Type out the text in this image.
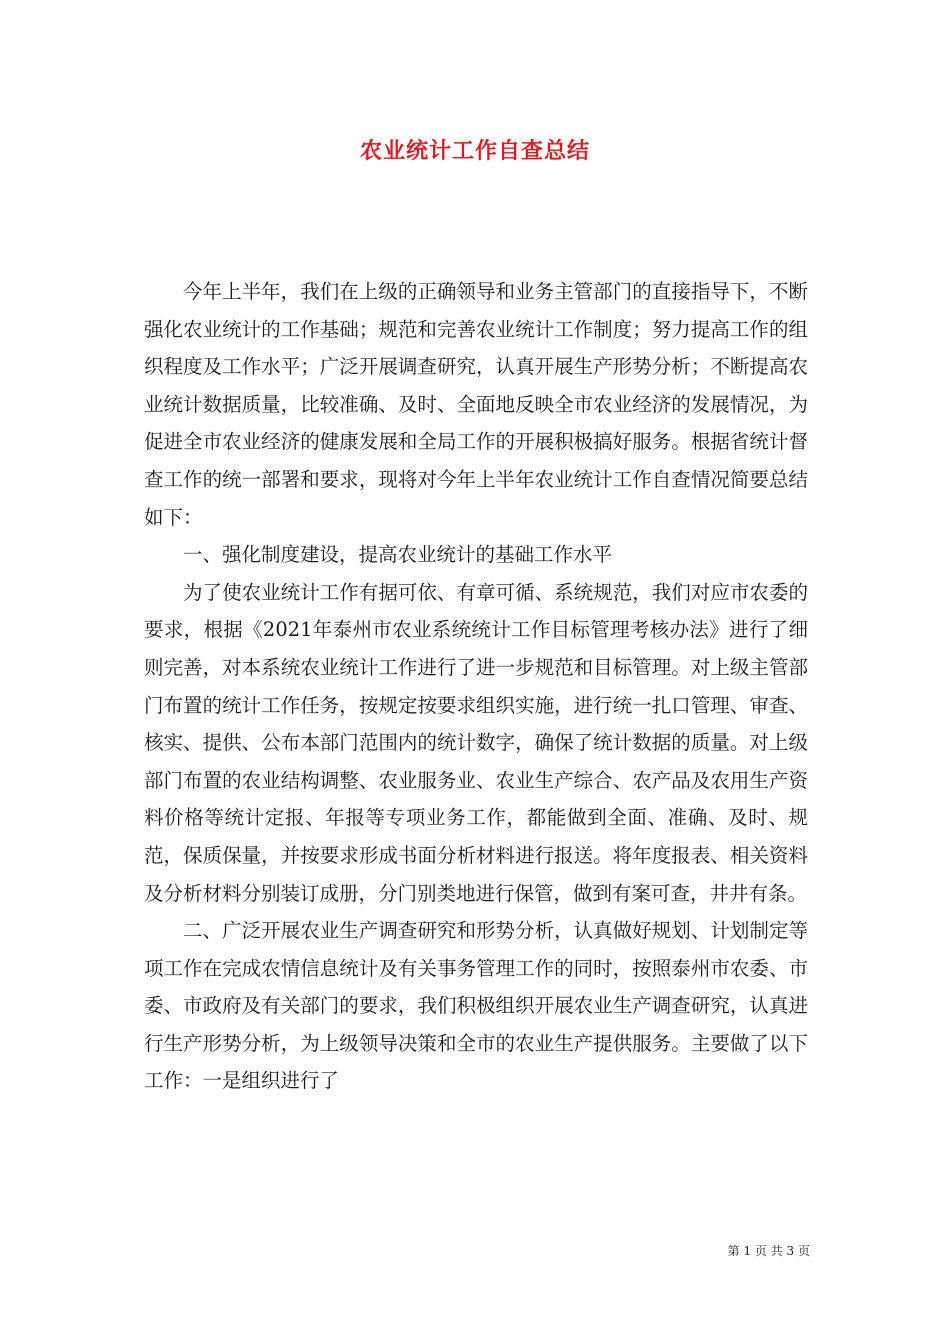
农业统计工作自查总结

今年上半年，我们在上级的正确领导和业务主管部门的直接指导下，不断强化农业统计的工作基础；规范和完善农业统计工作制度；努力提高工作的组织程度及工作水平；广泛开展调查研究，认真开展生产形势分析；不断提高农业统计数据质量，比较准确、及时、全面地反映全市农业经济的发展情况，为促进全市农业经济的健康发展和全局工作的开展积极搞好服务。根据省统计督查工作的统一部署和要求，现将对今年上半年农业统计工作自查情况简要总结如下：

一、强化制度建设，提高农业统计的基础工作水平

为了使农业统计工作有据可依、有章可循、系统规范，我们对应市农委的要求，根据《2021年泰州市农业系统统计工作目标管理考核办法》进行了细则完善，对本系统农业统计工作进行了进一步规范和目标管理。对上级主管部门布置的统计工作任务，按规定按要求组织实施，进行统一扎口管理、审查、核实、提供、公布本部门范围内的统计数字，确保了统计数据的质量。对上级部门布置的农业结构调整、农业服务业、农业生产综合、农产品及农用生产资料价格等统计定报、年报等专项业务工作，都能做到全面、准确、及时、规范，保质保量，并按要求形成书面分析材料进行报送。将年度报表、相关资料及分析材料分别装订成册，分门别类地进行保管，做到有案可查，井井有条。

二、广泛开展农业生产调查研究和形势分析，认真做好规划、计划制定等项工作在完成农情信息统计及有关事务管理工作的同时，按照泰州市农委、市委、市政府及有关部门的要求，我们积极组织开展农业生产调查研究，认真进行生产形势分析，为上级领导决策和全市的农业生产提供服务。主要做了以下工作：一是组织进行了

第 1 页 共 3 页
